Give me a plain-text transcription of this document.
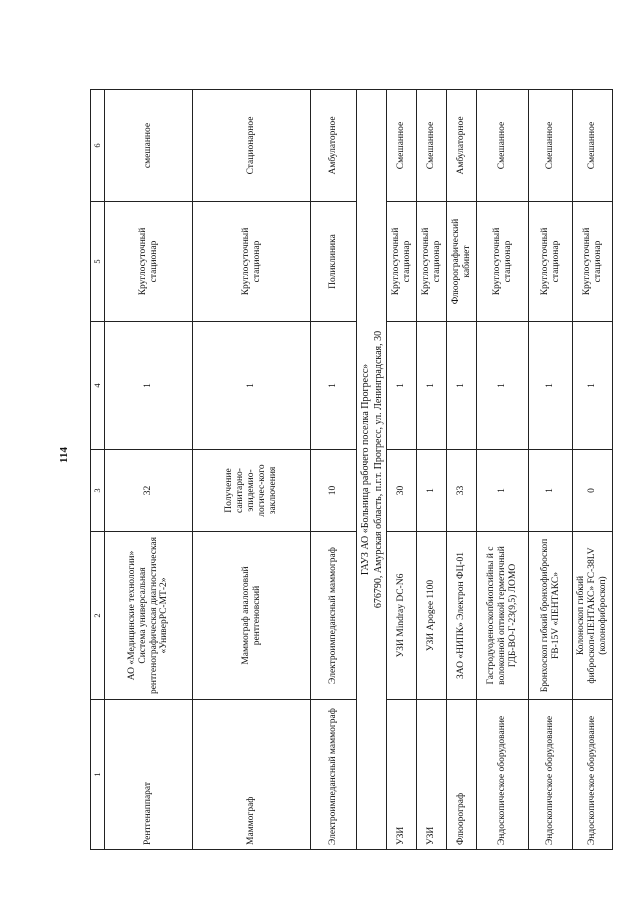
114
1	2	3	4	5	6
Рентгенаппарат	АО «Медицинские технологии» Система универсальная рентгенографическая диагностическая «УниверРС-МТ-2»	32	1	Круглосуточный стационар	смешанное
Маммограф	Маммограф аналоговый рентгеновский	Получение санитарно-эпидемио-логичес-кого заключения	1	Круглосуточный стационар	Стационарное
Электроимпедансный маммограф	Электроимпедансный маммограф	10	1	Поликлиника	Амбулаторное

ГАУЗ АО «Больница рабочего поселка Прогресс» 676790, Амурская область, п.г.т. Прогресс, ул. Ленинградская, 30					

УЗИ	УЗИ Mindray DC-N6	30	1	Круглосуточный стационар	Смешанное
УЗИ	УЗИ Apogee 1100	1	1	Круглосуточный стационар	Смешанное
Флюорограф	ЗАО «НИПК» Электрон ФЦ-01	33	1	Флюорографический кабинет	Амбулаторное
Эндоскопическое оборудование	Гастродуоденоскопбиопсийны й с волоконной оптикой герметичный ГДБ-ВО-Г-23(9,5) ЛОМО	1	1	Круглосуточный стационар	Смешанное
Эндоскопическое оборудование	Бронхоскоп гибкий бронхофиброскоп FB-15V «ПЕНТАКС»	1	1	Круглосуточный стационар	Смешанное
Эндоскопическое оборудование	Колоноскоп гибкий фиброскоп«ПЕНТАКС» FC-38LV (колонофиброскоп)	0	1	Круглосуточный стационар	Смешанное
